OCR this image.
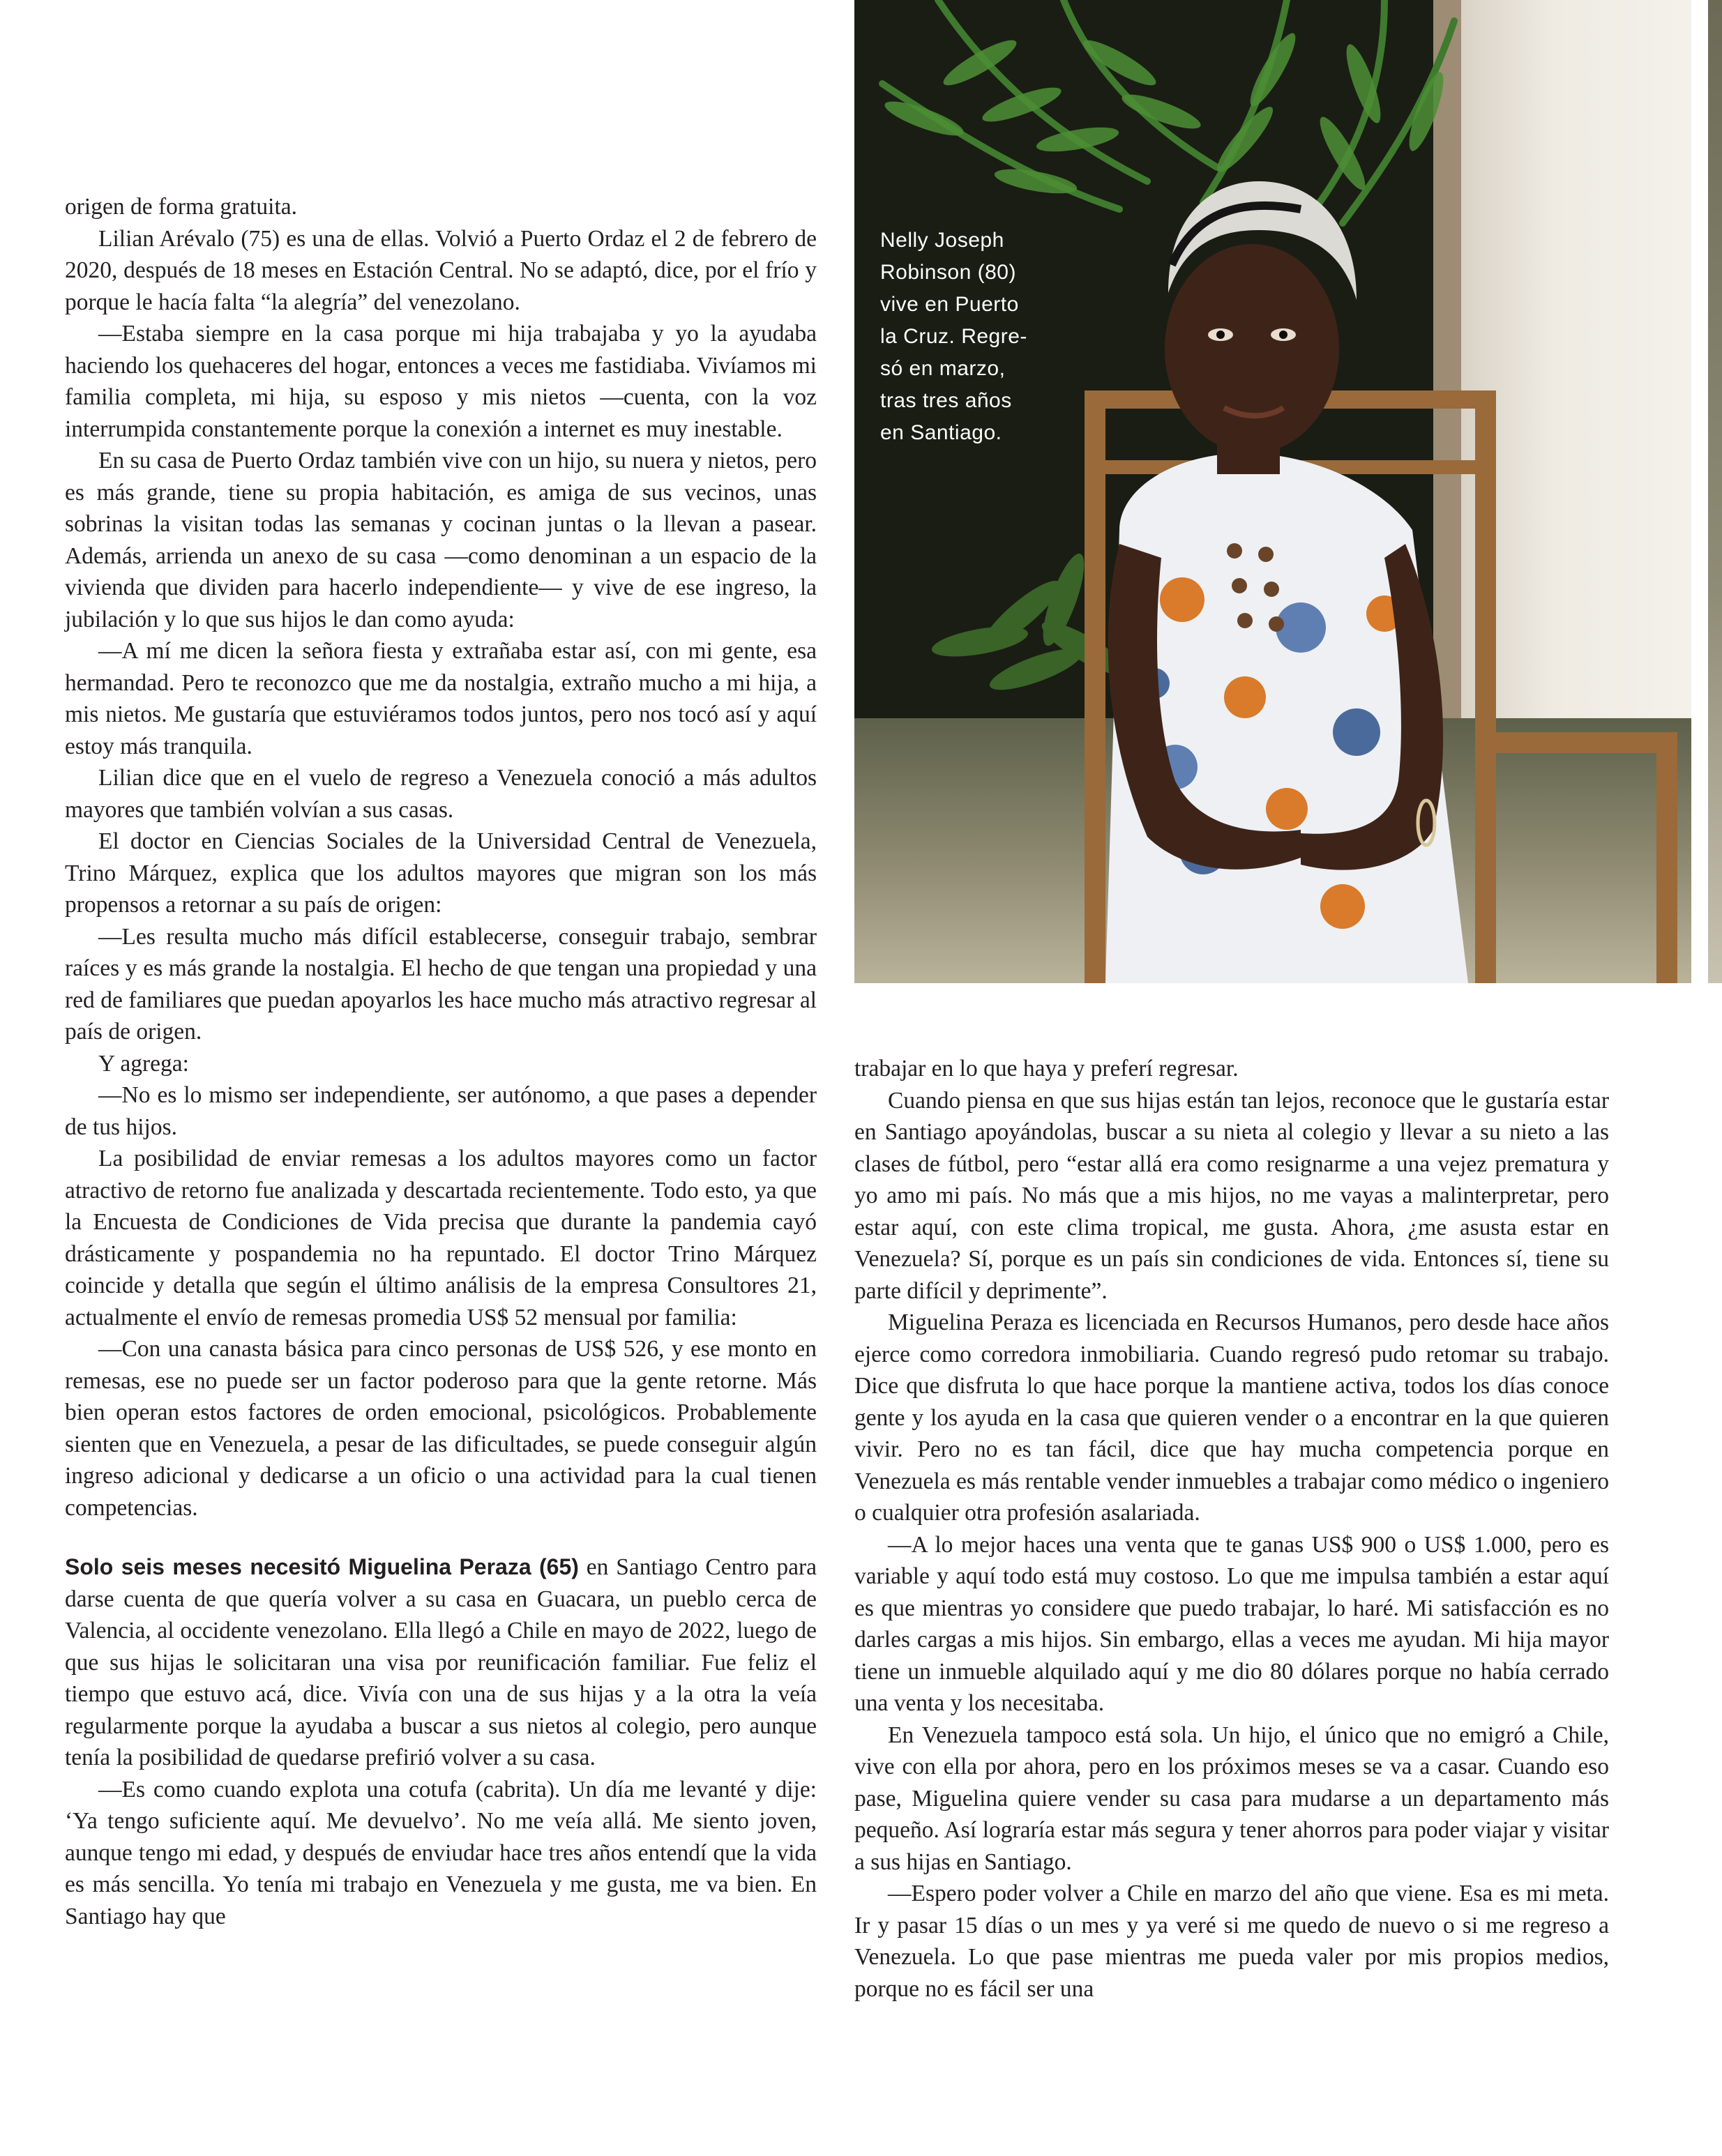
Nelly Joseph
Robinson (80)
vive en Puerto
la Cruz. Regre-
só en marzo,
tras tres años
en Santiago.

origen de forma gratuita.

Lilian Arévalo (75) es una de ellas. Volvió a Puerto Ordaz el 2 de febrero de 2020, después de 18 meses en Estación Central. No se adaptó, dice, por el frío y porque le hacía falta “la alegría” del venezolano.

—Estaba siempre en la casa porque mi hija trabajaba y yo la ayudaba haciendo los quehaceres del hogar, entonces a veces me fastidiaba. Vivíamos mi familia completa, mi hija, su esposo y mis nietos —cuenta, con la voz interrumpida constantemente porque la conexión a internet es muy inestable.

En su casa de Puerto Ordaz también vive con un hijo, su nuera y nietos, pero es más grande, tiene su propia habitación, es amiga de sus vecinos, unas sobrinas la visitan todas las semanas y cocinan juntas o la llevan a pasear. Además, arrienda un anexo de su casa —como denominan a un espacio de la vivienda que dividen para hacerlo independiente— y vive de ese ingreso, la jubilación y lo que sus hijos le dan como ayuda:

—A mí me dicen la señora fiesta y extrañaba estar así, con mi gente, esa hermandad. Pero te reconozco que me da nostalgia, extraño mucho a mi hija, a mis nietos. Me gustaría que estuviéramos todos juntos, pero nos tocó así y aquí estoy más tranquila.

Lilian dice que en el vuelo de regreso a Venezuela conoció a más adultos mayores que también volvían a sus casas.

El doctor en Ciencias Sociales de la Universidad Central de Venezuela, Trino Márquez, explica que los adultos mayores que migran son los más propensos a retornar a su país de origen:

—Les resulta mucho más difícil establecerse, conseguir trabajo, sembrar raíces y es más grande la nostalgia. El hecho de que tengan una propiedad y una red de familiares que puedan apoyarlos les hace mucho más atractivo regresar al país de origen.

Y agrega:

—No es lo mismo ser independiente, ser autónomo, a que pases a depender de tus hijos.

La posibilidad de enviar remesas a los adultos mayores como un factor atractivo de retorno fue analizada y descartada recientemente. Todo esto, ya que la Encuesta de Condiciones de Vida precisa que durante la pandemia cayó drásticamente y pospandemia no ha repuntado. El doctor Trino Márquez coincide y detalla que según el último análisis de la empresa Consultores 21, actualmente el envío de remesas promedia US$ 52 mensual por familia:

—Con una canasta básica para cinco personas de US$ 526, y ese monto en remesas, ese no puede ser un factor poderoso para que la gente retorne. Más bien operan estos factores de orden emocional, psicológicos. Probablemente sienten que en Venezuela, a pesar de las dificultades, se puede conseguir algún ingreso adicional y dedicarse a un oficio o una actividad para la cual tienen competencias.

Solo seis meses necesitó Miguelina Peraza (65) en Santiago Centro para darse cuenta de que quería volver a su casa en Guacara, un pueblo cerca de Valencia, al occidente venezolano. Ella llegó a Chile en mayo de 2022, luego de que sus hijas le solicitaran una visa por reunificación familiar. Fue feliz el tiempo que estuvo acá, dice. Vivía con una de sus hijas y a la otra la veía regularmente porque la ayudaba a buscar a sus nietos al colegio, pero aunque tenía la posibilidad de quedarse prefirió volver a su casa.

—Es como cuando explota una cotufa (cabrita). Un día me levanté y dije: ‘Ya tengo suficiente aquí. Me devuelvo’. No me veía allá. Me siento joven, aunque tengo mi edad, y después de enviudar hace tres años entendí que la vida es más sencilla. Yo tenía mi trabajo en Venezuela y me gusta, me va bien. En Santiago hay que

trabajar en lo que haya y preferí regresar.

Cuando piensa en que sus hijas están tan lejos, reconoce que le gustaría estar en Santiago apoyándolas, buscar a su nieta al colegio y llevar a su nieto a las clases de fútbol, pero “estar allá era como resignarme a una vejez prematura y yo amo mi país. No más que a mis hijos, no me vayas a malinterpretar, pero estar aquí, con este clima tropical, me gusta. Ahora, ¿me asusta estar en Venezuela? Sí, porque es un país sin condiciones de vida. Entonces sí, tiene su parte difícil y deprimente”.

Miguelina Peraza es licenciada en Recursos Humanos, pero desde hace años ejerce como corredora inmobiliaria. Cuando regresó pudo retomar su trabajo. Dice que disfruta lo que hace porque la mantiene activa, todos los días conoce gente y los ayuda en la casa que quieren vender o a encontrar en la que quieren vivir. Pero no es tan fácil, dice que hay mucha competencia porque en Venezuela es más rentable vender inmuebles a trabajar como médico o ingeniero o cualquier otra profesión asalariada.

—A lo mejor haces una venta que te ganas US$ 900 o US$ 1.000, pero es variable y aquí todo está muy costoso. Lo que me impulsa también a estar aquí es que mientras yo considere que puedo trabajar, lo haré. Mi satisfacción es no darles cargas a mis hijos. Sin embargo, ellas a veces me ayudan. Mi hija mayor tiene un inmueble alquilado aquí y me dio 80 dólares porque no había cerrado una venta y los necesitaba.

En Venezuela tampoco está sola. Un hijo, el único que no emigró a Chile, vive con ella por ahora, pero en los próximos meses se va a casar. Cuando eso pase, Miguelina quiere vender su casa para mudarse a un departamento más pequeño. Así lograría estar más segura y tener ahorros para poder viajar y visitar a sus hijas en Santiago.

—Espero poder volver a Chile en marzo del año que viene. Esa es mi meta. Ir y pasar 15 días o un mes y ya veré si me quedo de nuevo o si me regreso a Venezuela. Lo que pase mientras me pueda valer por mis propios medios, porque no es fácil ser una
